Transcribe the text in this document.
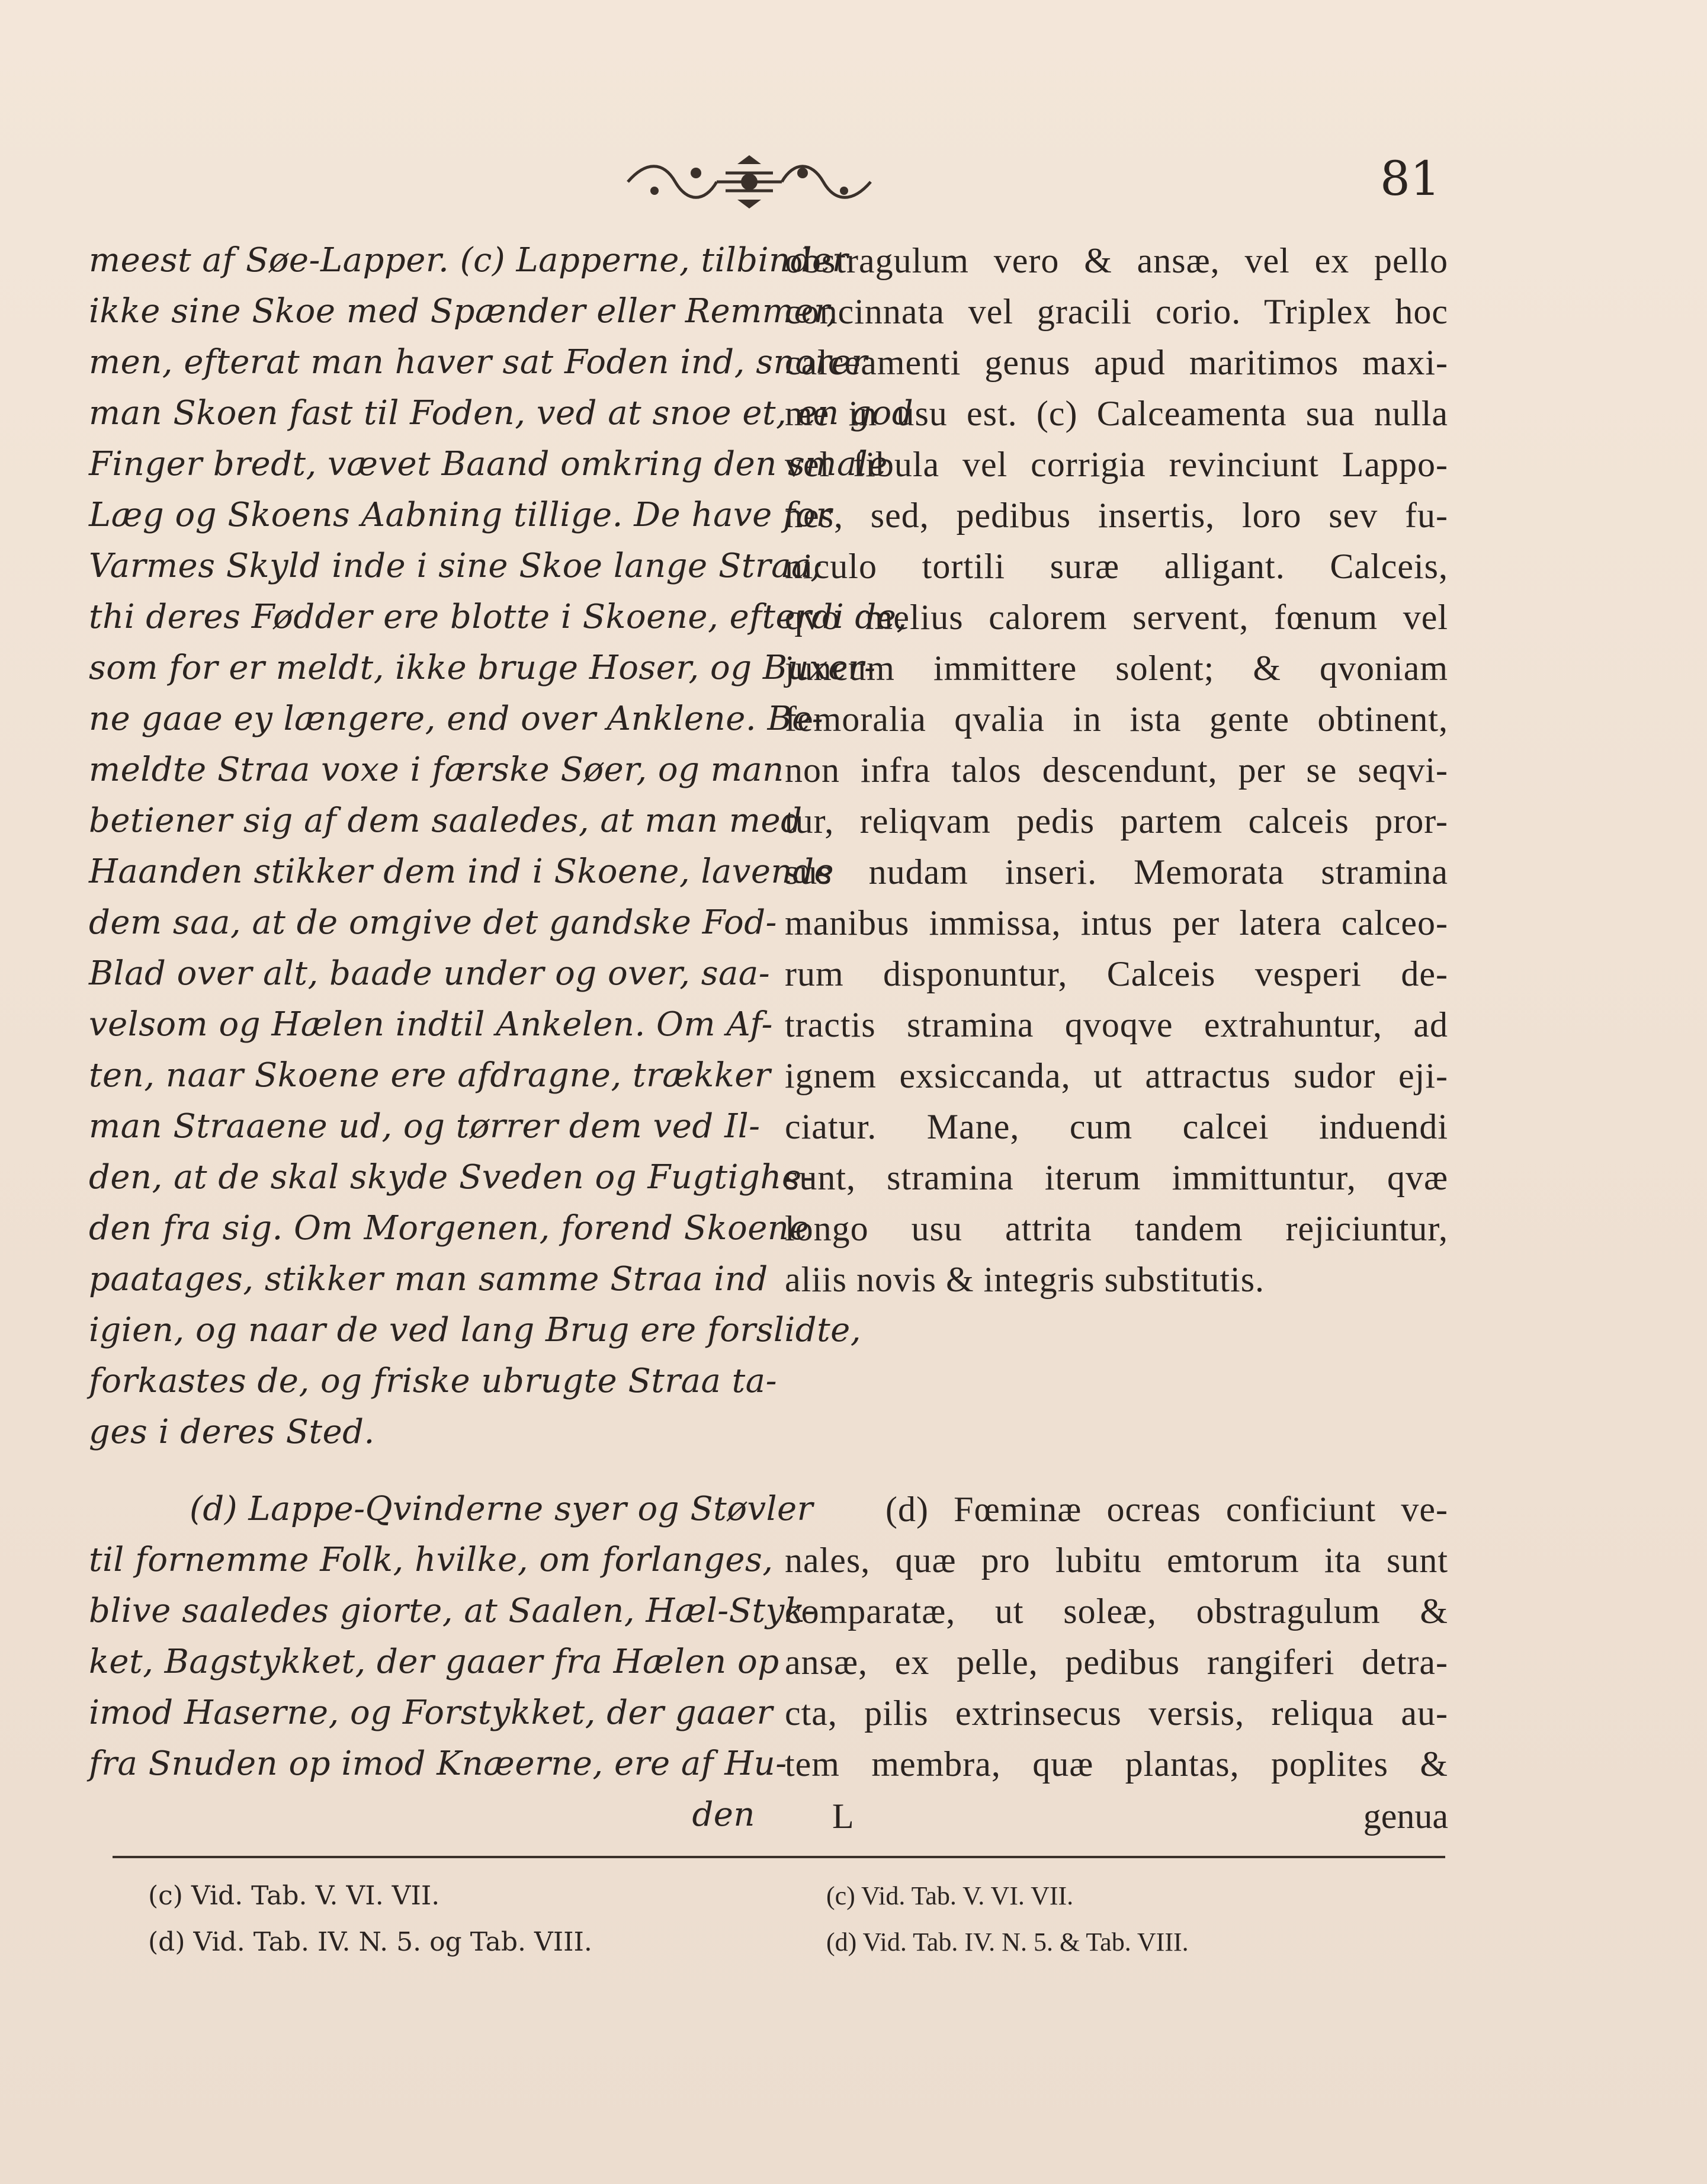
81
meest af Søe-Lapper. (c) Lapperne, tilbinder
ikke sine Skoe med Spænder eller Remmer,
men, efterat man haver sat Foden ind, snorer
man Skoen fast til Foden, ved at snoe et, en god
Finger bredt, vævet Baand omkring den smale
Læg og Skoens Aabning tillige. De have for
Varmes Skyld inde i sine Skoe lange Straa;
thi deres Fødder ere blotte i Skoene, efterdi de,
som for er meldt, ikke bruge Hoser, og Buxer-
ne gaae ey længere, end over Anklene. Be-
meldte Straa voxe i færske Søer, og man
betiener sig af dem saaledes, at man med
Haanden stikker dem ind i Skoene, lavende
dem saa, at de omgive det gandske Fod-
Blad over alt, baade under og over, saa-
velsom og Hælen indtil Ankelen. Om Af-
ten, naar Skoene ere afdragne, trækker
man Straaene ud, og tørrer dem ved Il-
den, at de skal skyde Sveden og Fugtighe-
den fra sig. Om Morgenen, forend Skoene
paatages, stikker man samme Straa ind
igien, og naar de ved lang Brug ere forslidte,
forkastes de, og friske ubrugte Straa ta-
ges i deres Sted.
obstragulum vero & ansæ, vel ex pello
concinnata vel gracili corio. Triplex hoc
calceamenti genus apud maritimos maxi-
me in usu est. (c) Calceamenta sua nulla
vel fibula vel corrigia revinciunt Lappo-
nes, sed, pedibus insertis, loro sev fu-
niculo tortili suræ alligant. Calceis,
qvo melius calorem servent, fœnum vel
juncum immittere solent; & qvoniam
femoralia qvalia in ista gente obtinent,
non infra talos descendunt, per se seqvi-
tur, reliqvam pedis partem calceis pror-
sus nudam inseri. Memorata stramina
manibus immissa, intus per latera calceo-
rum disponuntur, Calceis vesperi de-
tractis stramina qvoqve extrahuntur, ad
ignem exsiccanda, ut attractus sudor eji-
ciatur. Mane, cum calcei induendi
sunt, stramina iterum immittuntur, qvæ
longo usu attrita tandem rejiciuntur,
aliis novis & integris substitutis.
(d) Lappe-Qvinderne syer og Støvler
til fornemme Folk, hvilke, om forlanges,
blive saaledes giorte, at Saalen, Hæl-Styk-
ket, Bagstykket, der gaaer fra Hælen op
imod Haserne, og Forstykket, der gaaer
fra Snuden op imod Knæerne, ere af Hu-
den
(d) Fœminæ ocreas conficiunt ve-
nales, quæ pro lubitu emtorum ita sunt
comparatæ, ut soleæ, obstragulum &
ansæ, ex pelle, pedibus rangiferi detra-
cta, pilis extrinsecus versis, reliqua au-
tem membra, quæ plantas, poplites &
L	genua
(c) Vid. Tab. V. VI. VII.
(d) Vid. Tab. IV. N. 5. og Tab. VIII.
(c) Vid. Tab. V. VI. VII.
(d) Vid. Tab. IV. N. 5. & Tab. VIII.
